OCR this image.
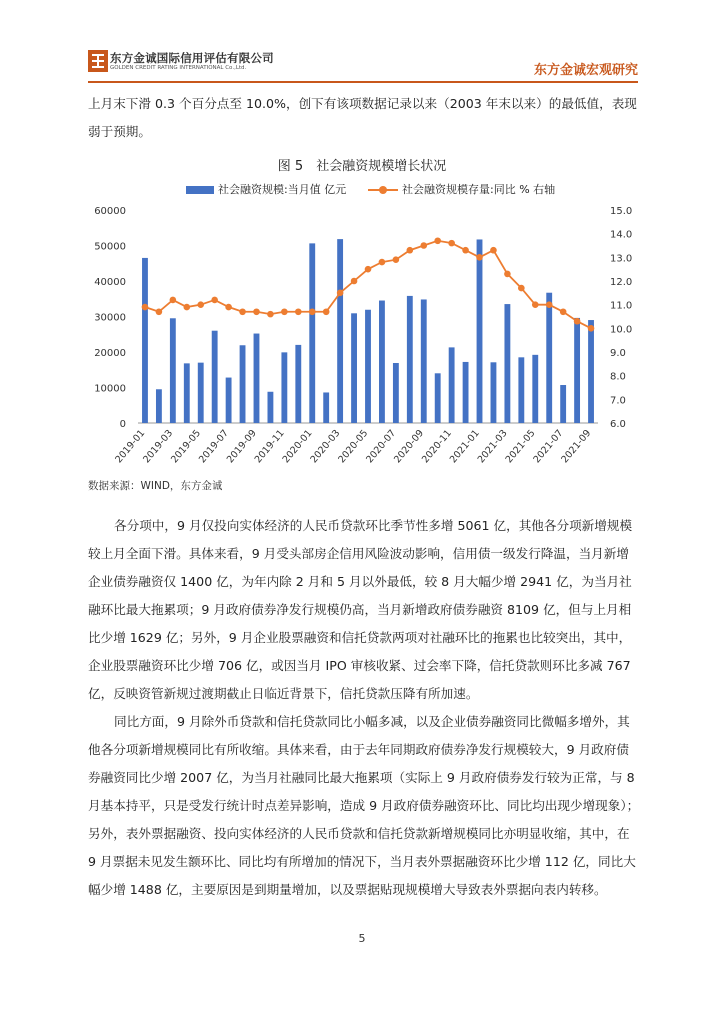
东方金诚国际信用评估有限公司
GOLDEN CREDIT RATING INTERNATIONAL Co.,Ltd.	东方金诚宏观研究

上月末下滑 0.3 个百分点至 10.0%，创下有该项数据记录以来（2003 年末以来）的最低值，表现弱于预期。

图 5　社会融资规模增长状况
社会融资规模:当月值 亿元	社会融资规模存量:同比 % 右轴
0
10000
20000
30000
40000
50000
60000
6.0
7.0
8.0
9.0
10.0
11.0
12.0
13.0
14.0
15.0
2019-01
2019-03
2019-05
2019-07
2019-09
2019-11
2020-01
2020-03
2020-05
2020-07
2020-09
2020-11
2021-01
2021-03
2021-05
2021-07
2021-09
数据来源：WIND，东方金诚

各分项中，9 月仅投向实体经济的人民币贷款环比季节性多增 5061 亿，其他各分项新增规模较上月全面下滑。具体来看，9 月受头部房企信用风险波动影响，信用债一级发行降温，当月新增企业债券融资仅 1400 亿，为年内除 2 月和 5 月以外最低，较 8 月大幅少增 2941 亿，为当月社融环比最大拖累项；9 月政府债券净发行规模仍高，当月新增政府债券融资 8109 亿，但与上月相比少增 1629 亿；另外，9 月企业股票融资和信托贷款两项对社融环比的拖累也比较突出，其中，企业股票融资环比少增 706 亿，或因当月 IPO 审核收紧、过会率下降，信托贷款则环比多减 767 亿，反映资管新规过渡期截止日临近背景下，信托贷款压降有所加速。

同比方面，9 月除外币贷款和信托贷款同比小幅多减，以及企业债券融资同比微幅多增外，其他各分项新增规模同比有所收缩。具体来看，由于去年同期政府债券净发行规模较大，9 月政府债券融资同比少增 2007 亿，为当月社融同比最大拖累项（实际上 9 月政府债券发行较为正常，与 8 月基本持平，只是受发行统计时点差异影响，造成 9 月政府债券融资环比、同比均出现少增现象）；另外，表外票据融资、投向实体经济的人民币贷款和信托贷款新增规模同比亦明显收缩，其中，在 9 月票据未见发生额环比、同比均有所增加的情况下，当月表外票据融资环比少增 112 亿，同比大幅少增 1488 亿，主要原因是到期量增加，以及票据贴现规模增大导致表外票据向表内转移。

5
